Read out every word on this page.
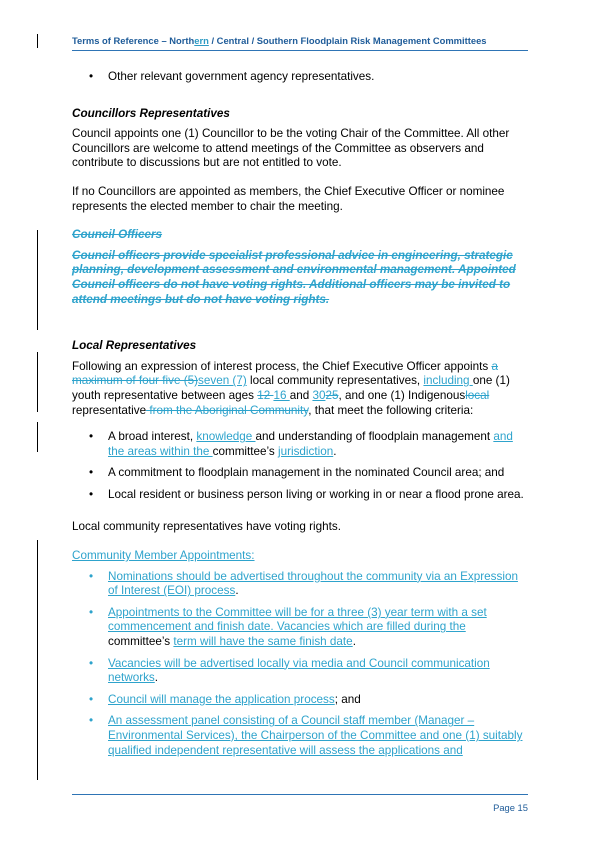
Terms of Reference – Northern / Central / Southern Floodplain Risk Management Committees
• Other relevant government agency representatives.

Councillors Representatives

Council appoints one (1) Councillor to be the voting Chair of the Committee. All other Councillors are welcome to attend meetings of the Committee as observers and contribute to discussions but are not entitled to vote.

If no Councillors are appointed as members, the Chief Executive Officer or nominee represents the elected member to chair the meeting.

Council Officers

Council officers provide specialist professional advice in engineering, strategic planning, development assessment and environmental management. Appointed Council officers do not have voting rights. Additional officers may be invited to attend meetings but do not have voting rights.

Local Representatives

Following an expression of interest process, the Chief Executive Officer appoints a maximum of four five (5)seven (7) local community representatives, including one (1) youth representative between ages 12 16 and 3025, and one (1) Indigenouslocal representative from the Aboriginal Community, that meet the following criteria:

• A broad interest, knowledge and understanding of floodplain management and the areas within the committee’s jurisdiction.
• A commitment to floodplain management in the nominated Council area; and
• Local resident or business person living or working in or near a flood prone area.

Local community representatives have voting rights.

Community Member Appointments:

• Nominations should be advertised throughout the community via an Expression of Interest (EOI) process.
• Appointments to the Committee will be for a three (3) year term with a set commencement and finish date. Vacancies which are filled during the committee’s term will have the same finish date.
• Vacancies will be advertised locally via media and Council communication networks.
• Council will manage the application process; and
• An assessment panel consisting of a Council staff member (Manager – Environmental Services), the Chairperson of the Committee and one (1) suitably qualified independent representative will assess the applications and
Page 15
